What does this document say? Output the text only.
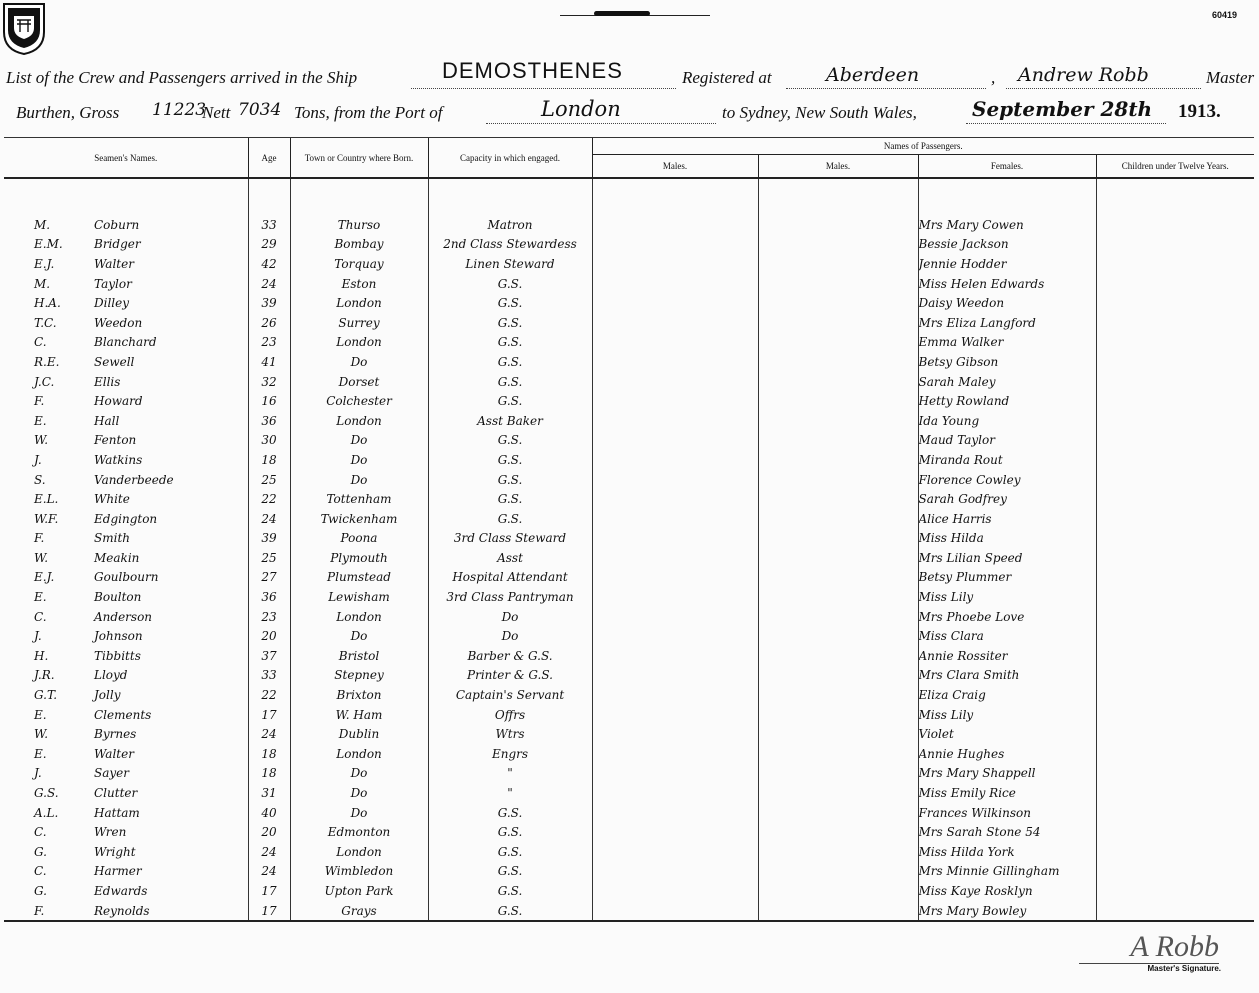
60419
List of the Crew and Passengers arrived in the Ship	DEMOSTHENES	Registered at	Aberdeen	, Andrew Robb	Master
Burthen, Gross 11223
Nett 7034 Tons, from the Port of	London	to Sydney, New South Wales,	September 28th 1913.
Seamen's Names.	Age	Town or Country where Born.	Capacity in which engaged.	Names of Passengers.			
				Males.	Males.	Females.	Children under Twelve Years.

M. Coburn	33	Thurso	Matron			Mrs Mary Cowen	
E.M. Bridger	29	Bombay	2nd Class Stewardess			Bessie Jackson	
E.J. Walter	42	Torquay	Linen Steward			Jennie Hodder	
M. Taylor	24	Eston	G.S.			Miss Helen Edwards	
H.A. Dilley	39	London	G.S.			Daisy Weedon	
T.C. Weedon	26	Surrey	G.S.			Mrs Eliza Langford	
C. Blanchard	23	London	G.S.			Emma Walker	
R.E. Sewell	41	Do	G.S.			Betsy Gibson	
J.C. Ellis	32	Dorset	G.S.			Sarah Maley	
F. Howard	16	Colchester	G.S.			Hetty Rowland	
E. Hall	36	London	Asst Baker			Ida Young	
W. Fenton	30	Do	G.S.			Maud Taylor	
J. Watkins	18	Do	G.S.			Miranda Rout	
S. Vanderbeede	25	Do	G.S.			Florence Cowley	
E.L. White	22	Tottenham	G.S.			Sarah Godfrey	
W.F. Edgington	24	Twickenham	G.S.			Alice Harris	
F. Smith	39	Poona	3rd Class Steward			Miss Hilda	
W. Meakin	25	Plymouth	Asst			Mrs Lilian Speed	
E.J. Goulbourn	27	Plumstead	Hospital Attendant			Betsy Plummer	
E. Boulton	36	Lewisham	3rd Class Pantryman			Miss Lily	
C. Anderson	23	London	Do			Mrs Phoebe Love	
J. Johnson	20	Do	Do			Miss Clara	
H. Tibbitts	37	Bristol	Barber & G.S.			Annie Rossiter	
J.R. Lloyd	33	Stepney	Printer & G.S.			Mrs Clara Smith	
G.T. Jolly	22	Brixton	Captain's Servant			Eliza Craig	
E. Clements	17	W. Ham	Offrs			Miss Lily	
W. Byrnes	24	Dublin	Wtrs			Violet	
E. Walter	18	London	Engrs			Annie Hughes	
J. Sayer	18	Do	"			Mrs Mary Shappell	
G.S. Clutter	31	Do	"			Miss Emily Rice	
A.L. Hattam	40	Do	G.S.			Frances Wilkinson	
C. Wren	20	Edmonton	G.S.			Mrs Sarah Stone 54	
G. Wright	24	London	G.S.			Miss Hilda York	
C. Harmer	24	Wimbledon	G.S.			Mrs Minnie Gillingham	
G. Edwards	17	Upton Park	G.S.			Miss Kaye Rosklyn	
F. Reynolds	17	Grays	G.S.			Mrs Mary Bowley	
A Robb
Master's Signature.
